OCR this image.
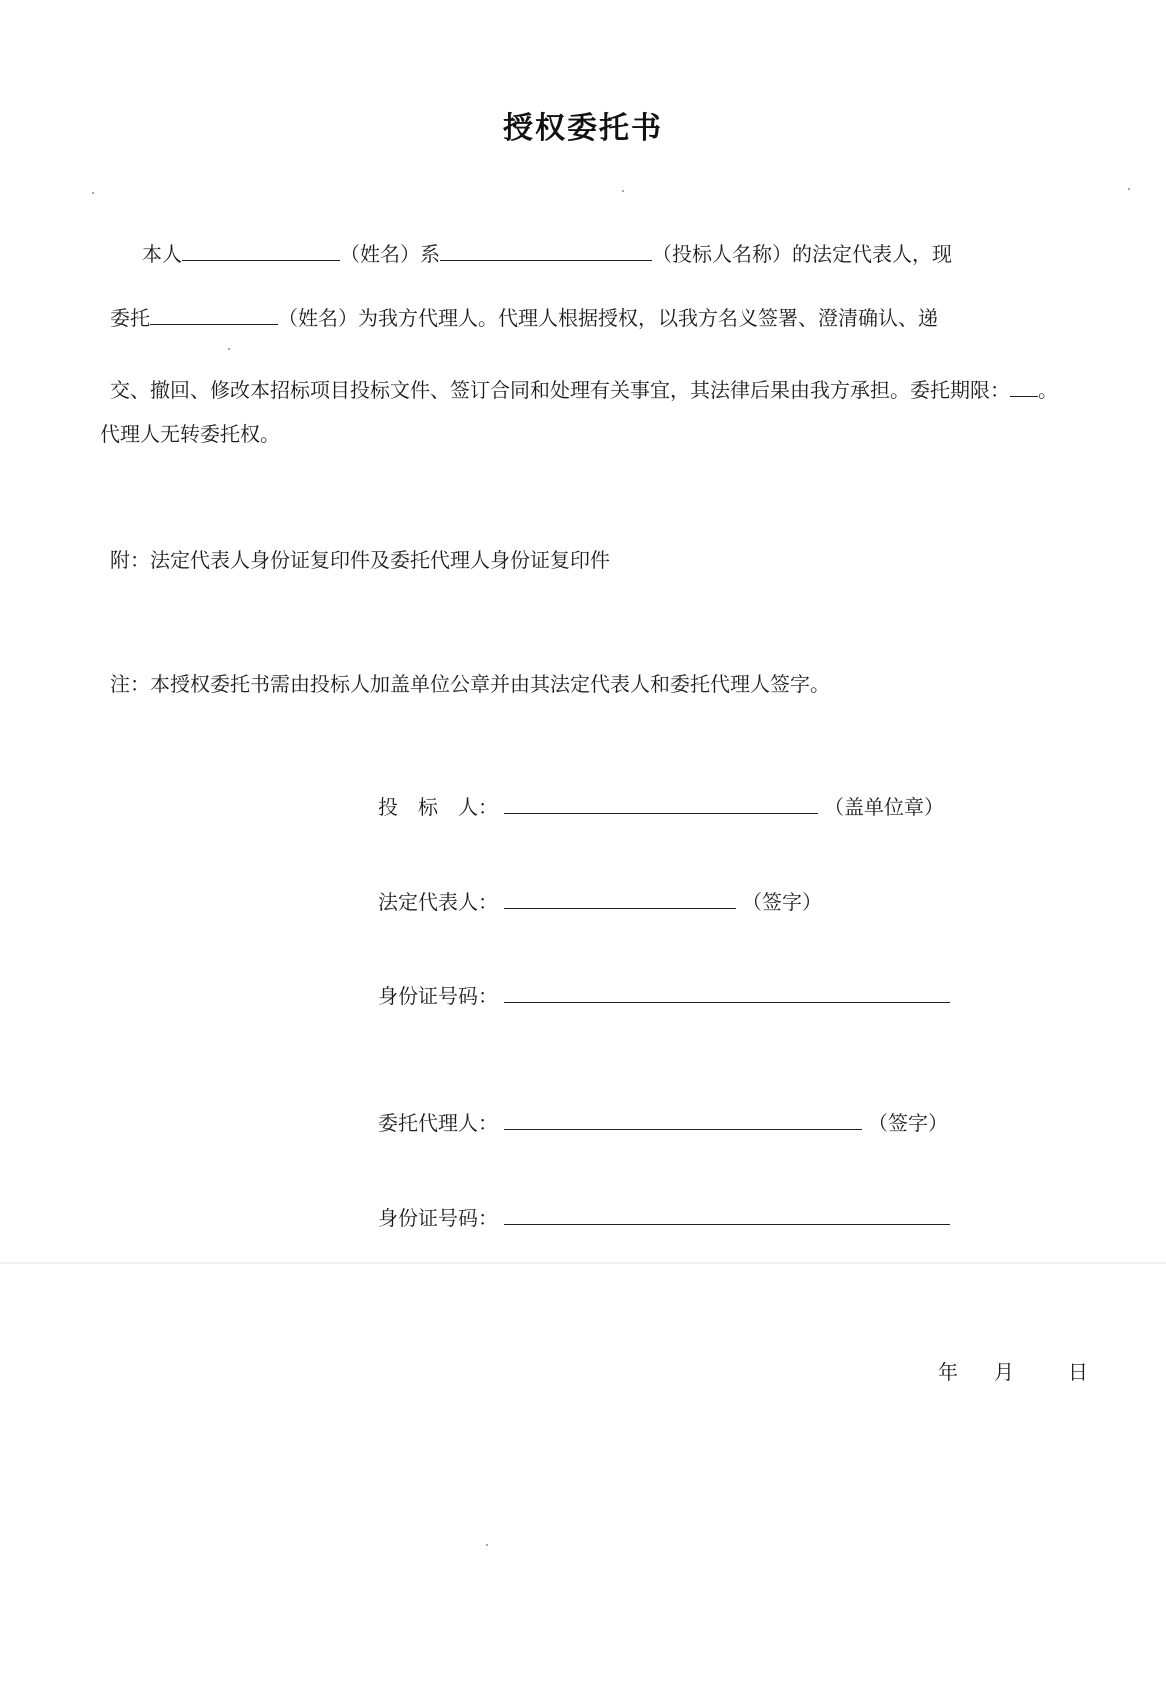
授权委托书
本人	（姓名）系	（投标人名称）的法定代表人，现
委托	（姓名）为我方代理人。代理人根据授权，以我方名义签署、澄清确认、递
交、撤回、修改本招标项目投标文件、签订合同和处理有关事宜，其法律后果由我方承担。委托期限： 。
代理人无转委托权。
附：法定代表人身份证复印件及委托代理人身份证复印件
注：本授权委托书需由投标人加盖单位公章并由其法定代表人和委托代理人签字。
投　标　人：	（盖单位章）
法定代表人：	（签字）
身份证号码：
委托代理人：	（签字）
身份证号码：
年 月	日
